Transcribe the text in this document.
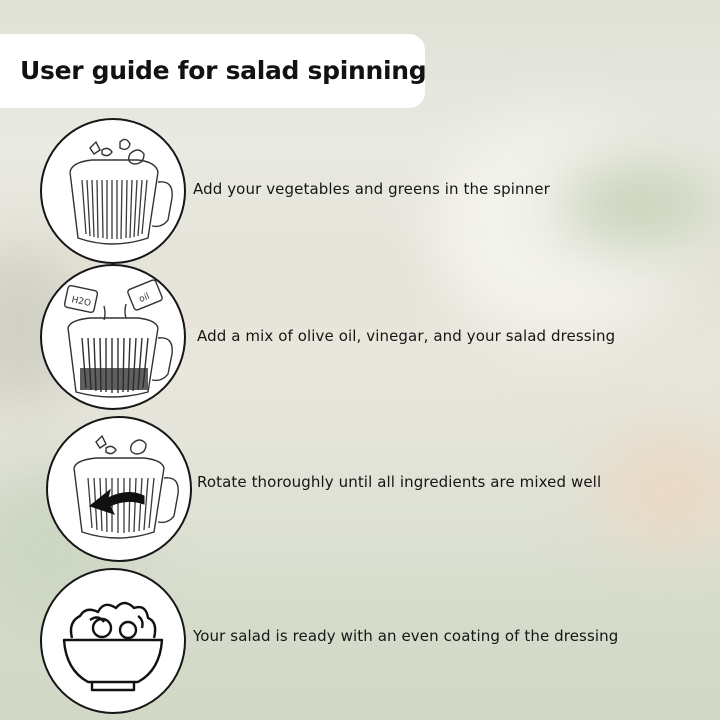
User guide for salad spinning
Add your vegetables and greens in the spinner
H2O	oil
Add a mix of olive oil, vinegar, and your salad dressing
Rotate thoroughly until all ingredients are mixed well
Your salad is ready with an even coating of the dressing
